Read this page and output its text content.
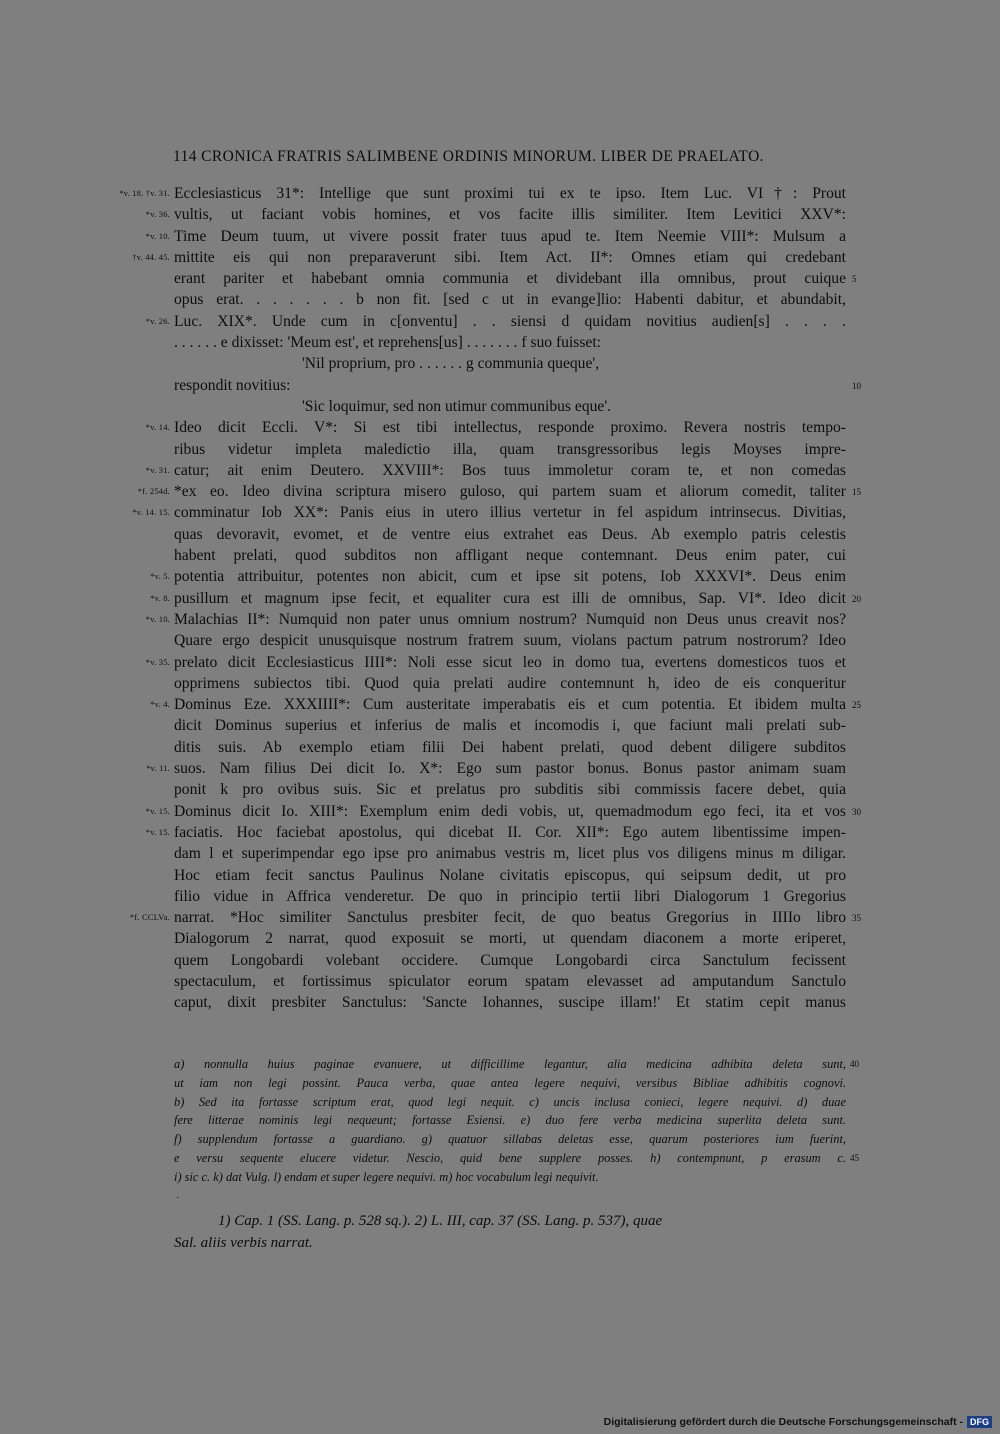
114 CRONICA FRATRIS SALIMBENE ORDINIS MINORUM. LIBER DE PRAELATO.
*v. 18. †v. 31. Ecclesiasticus 31*: Intellige que sunt proximi tui ex te ipso. Item Luc. VI†: Prout
*v. 36. vultis, ut faciant vobis homines, et vos facite illis similiter. Item Levitici XXV*:
*v. 10. Time Deum tuum, ut vivere possit frater tuus apud te. Item Neemie VIII*: Mulsum a
†v. 44. 45. mittite eis qui non preparaverunt sibi. Item Act. II*: Omnes etiam qui credebant
erant pariter et habebant omnia communia et dividebant illa omnibus, prout cuique 5
opus erat. . . . . . . b non fit. [sed c ut in evange]lio: Habenti dabitur, et abundabit,
*v. 26. Luc. XIX*. Unde cum in c[onventu] . . siensi d quidam novitius audien[s] . . . .
. . . . . . e dixisset: 'Meum est', et reprehens[us] . . . . . . . f suo fuisset:
'Nil proprium, pro . . . . . . g communia queque',
respondit novitius:	10
'Sic loquimur, sed non utimur communibus eque'.
*v. 14. Ideo dicit Eccli. V*: Si est tibi intellectus, responde proximo. Revera nostris tempo-
ribus videtur impleta maledictio illa, quam transgressoribus legis Moyses impre-
*v. 31. catur; ait enim Deutero. XXVIII*: Bos tuus immoletur coram te, et non comedas
*f. 254d. *ex eo. Ideo divina scriptura misero guloso, qui partem suam et aliorum comedit, taliter 15
*v. 14. 15. comminatur Iob XX*: Panis eius in utero illius vertetur in fel aspidum intrinsecus. Divitias,
quas devoravit, evomet, et de ventre eius extrahet eas Deus. Ab exemplo patris celestis
habent prelati, quod subditos non affligant neque contemnant. Deus enim pater, cui
*v. 5. potentia attribuitur, potentes non abicit, cum et ipse sit potens, Iob XXXVI*. Deus enim
*v. 8. pusillum et magnum ipse fecit, et equaliter cura est illi de omnibus, Sap. VI*. Ideo dicit 20
*v. 10. Malachias II*: Numquid non pater unus omnium nostrum? Numquid non Deus unus creavit nos?
Quare ergo despicit unusquisque nostrum fratrem suum, violans pactum patrum nostrorum? Ideo
*v. 35. prelato dicit Ecclesiasticus IIII*: Noli esse sicut leo in domo tua, evertens domesticos tuos et
opprimens subiectos tibi. Quod quia prelati audire contemnunt h, ideo de eis conqueritur
*v. 4. Dominus Eze. XXXIIII*: Cum austeritate imperabatis eis et cum potentia. Et ibidem multa 25
dicit Dominus superius et inferius de malis et incomodis i, que faciunt mali prelati sub-
ditis suis. Ab exemplo etiam filii Dei habent prelati, quod debent diligere subditos
*v. 11. suos. Nam filius Dei dicit Io. X*: Ego sum pastor bonus. Bonus pastor animam suam
ponit k pro ovibus suis. Sic et prelatus pro subditis sibi commissis facere debet, quia
*v. 15. Dominus dicit Io. XIII*: Exemplum enim dedi vobis, ut, quemadmodum ego feci, ita et vos 30
*v. 15. faciatis. Hoc faciebat apostolus, qui dicebat II. Cor. XII*: Ego autem libentissime impen-
dam l et superimpendar ego ipse pro animabus vestris m, licet plus vos diligens minus m diligar.
Hoc etiam fecit sanctus Paulinus Nolane civitatis episcopus, qui seipsum dedit, ut pro
filio vidue in Affrica venderetur. De quo in principio tertii libri Dialogorum 1 Gregorius
*f. CCLVa. narrat. *Hoc similiter Sanctulus presbiter fecit, de quo beatus Gregorius in IIIIo libro 35
Dialogorum 2 narrat, quod exposuit se morti, ut quendam diaconem a morte eriperet,
quem Longobardi volebant occidere. Cumque Longobardi circa Sanctulum fecissent
spectaculum, et fortissimus spiculator eorum spatam elevasset ad amputandum Sanctulo
caput, dixit presbiter Sanctulus: 'Sancte Iohannes, suscipe illam!' Et statim cepit manus
a) nonnulla huius paginae evanuere, ut difficillime legantur, alia medicina adhibita deleta sunt, 40
ut iam non legi possint. Pauca verba, quae antea legere nequivi, versibus Bibliae adhibitis cognovi.
b) Sed ita fortasse scriptum erat, quod legi nequit. c) uncis inclusa conieci, legere nequivi. d) duae
fere litterae nominis legi nequeunt; fortasse Esiensi. e) duo fere verba medicina superlita deleta sunt.
f) supplendum fortasse a guardiano. g) quatuor sillabas deletas esse, quarum posteriores ium fuerint,
e versu sequente elucere videtur. Nescio, quid bene supplere posses. h) contempnunt, p erasum c. 45
i) sic c. k) dat Vulg. l) endam et super legere nequivi. m) hoc vocabulum legi nequivit.
·
1) Cap. 1 (SS. Lang. p. 528 sq.). 2) L. III, cap. 37 (SS. Lang. p. 537), quae
Sal. aliis verbis narrat.
Digitalisierung gefördert durch die Deutsche Forschungsgemeinschaft - DFG
